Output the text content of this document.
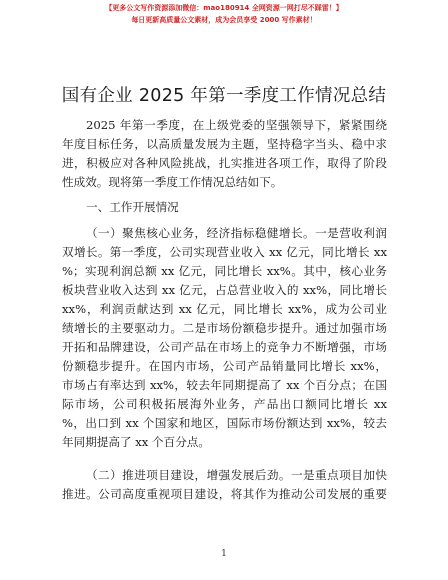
【更多公文写作资源添加微信：mao180914 全网资源一网打尽不踩雷！】
每日更新高质量公文素材，成为会员享受 2000 写作素材！
国有企业 2025 年第一季度工作情况总结
2025 年第一季度，在上级党委的坚强领导下，紧紧围绕
年度目标任务，以高质量发展为主题，坚持稳字当头、稳中求
进，积极应对各种风险挑战，扎实推进各项工作，取得了阶段
性成效。现将第一季度工作情况总结如下。
一、工作开展情况
（一）聚焦核心业务，经济指标稳健增长。一是营收利润
双增长。第一季度，公司实现营业收入 xx 亿元，同比增长 xx
%；实现利润总额 xx 亿元，同比增长 xx%。其中，核心业务
板块营业收入达到 xx 亿元，占总营业收入的 xx%，同比增长
xx%，利润贡献达到 xx 亿元，同比增长 xx%，成为公司业
绩增长的主要驱动力。二是市场份额稳步提升。通过加强市场
开拓和品牌建设，公司产品在市场上的竞争力不断增强，市场
份额稳步提升。在国内市场，公司产品销量同比增长 xx%，
市场占有率达到 xx%，较去年同期提高了 xx 个百分点；在国
际市场，公司积极拓展海外业务，产品出口额同比增长 xx
%，出口到 xx 个国家和地区，国际市场份额达到 xx%，较去
年同期提高了 xx 个百分点。
（二）推进项目建设，增强发展后劲。一是重点项目加快
推进。公司高度重视项目建设，将其作为推动公司发展的重要
1
